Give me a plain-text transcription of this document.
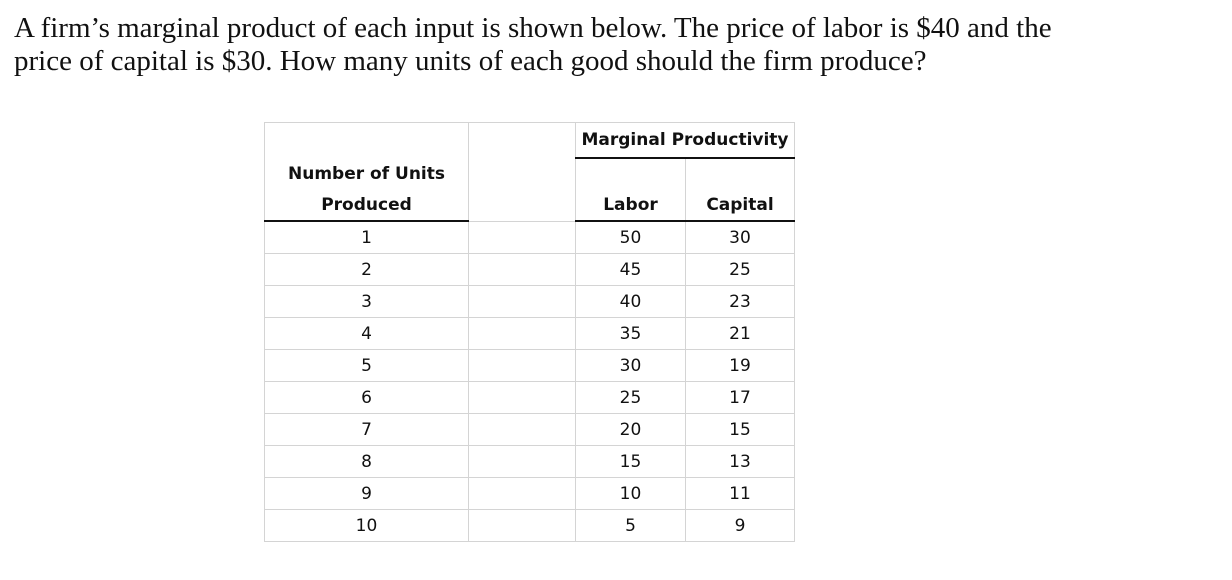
A firm’s marginal product of each input is shown below. The price of labor is $40 and the
price of capital is $30. How many units of each good should the firm produce?

		Marginal Productivity	
Number of Units			
Produced		Labor	Capital
1		50	30
2		45	25
3		40	23
4		35	21
5		30	19
6		25	17
7		20	15
8		15	13
9		10	11
10		5	9
